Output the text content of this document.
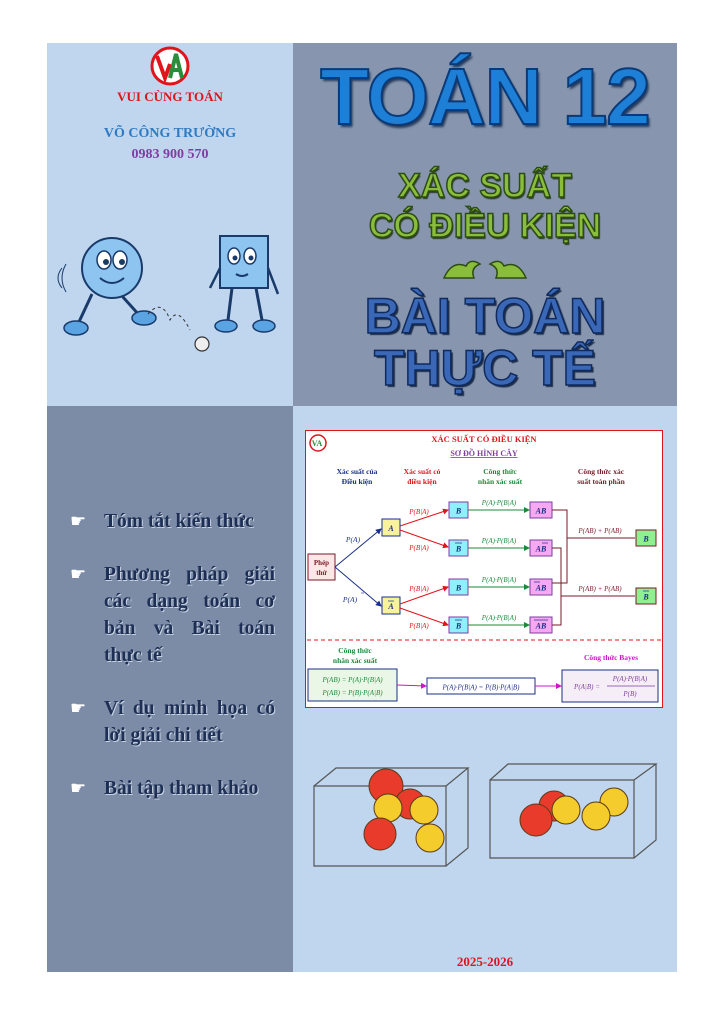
VUI CÙNG TOÁN
VÕ CÔNG TRƯỜNG
0983 900 570
TOÁN 12
XÁC SUẤT
CÓ ĐIỀU KIỆN
BÀI TOÁN
THỰC TẾ
☛ Tóm tắt kiến thức
☛ Phương pháp giải các dạng toán cơ bản và Bài toán thực tế
☛ Ví dụ minh họa có lời giải chi tiết
☛ Bài tập tham khảo
VA	XÁC SUẤT CÓ ĐIỀU KIỆN
SƠ ĐỒ HÌNH CÂY
Xác suất của
Điều kiện
Xác suất có
điều kiện
Công thức
nhân xác suất
Công thức xác
suất toàn phần
Phép
thử
P(A)
P(A)
A
A
P(B|A)
P(B|A)
P(B|A)
P(B|A)
B
B
B
B
P(A)·P(B|A)
P(A)·P(B|A)
P(A)·P(B|A)
P(A)·P(B|A)
AB
AB
AB
AB
P(AB) + P(AB)
P(AB) + P(AB)
B
B
Công thức
nhân xác suất
P(AB) = P(A)·P(B|A)
P(AB) = P(B)·P(A|B)
P(A)·P(B|A) = P(B)·P(A|B)
Công thức Bayes
P(A|B) =
P(A)·P(B|A)
P(B)
2025-2026
